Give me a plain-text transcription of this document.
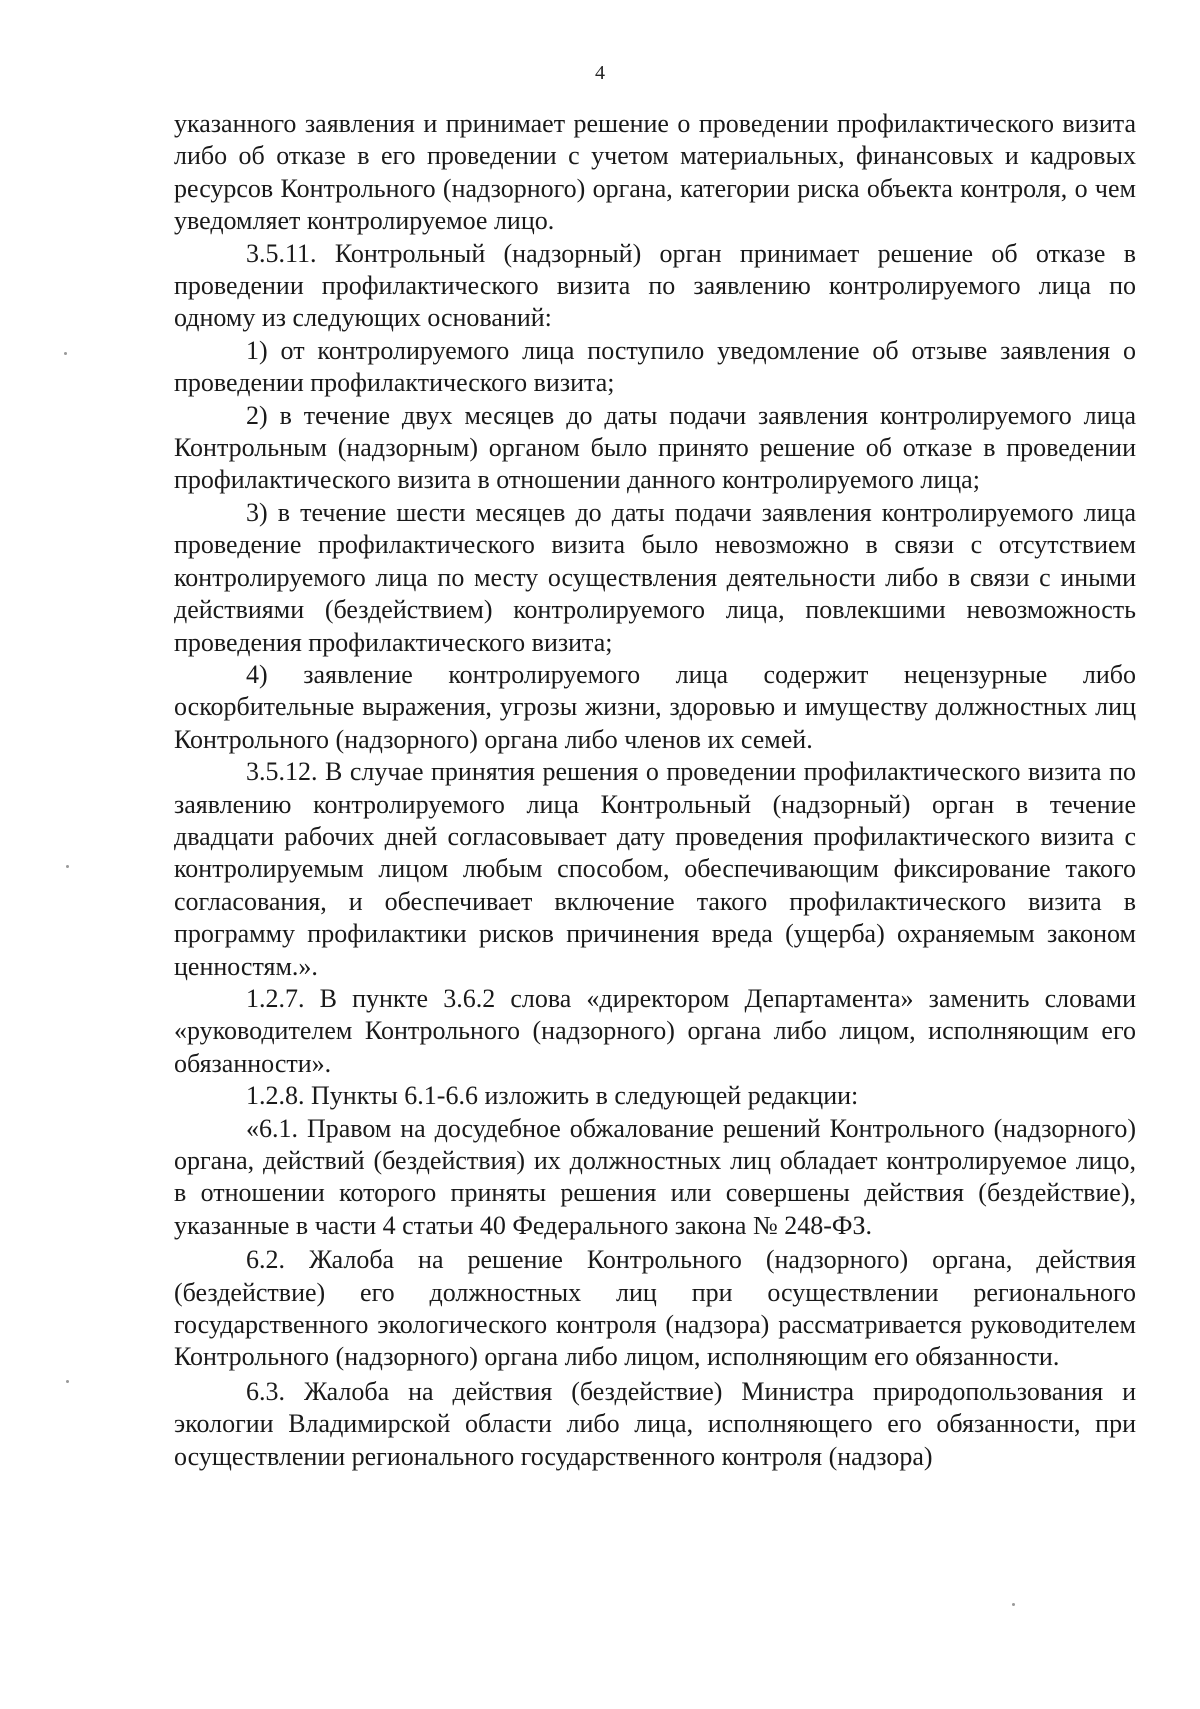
4

указанного заявления и принимает решение о проведении профилактического визита либо об отказе в его проведении с учетом материальных, финансовых и кадровых ресурсов Контрольного (надзорного) органа, категории риска объекта контроля, о чем уведомляет контролируемое лицо.

3.5.11. Контрольный (надзорный) орган принимает решение об отказе в проведении профилактического визита по заявлению контролируемого лица по одному из следующих оснований:

1) от контролируемого лица поступило уведомление об отзыве заявления о проведении профилактического визита;

2) в течение двух месяцев до даты подачи заявления контролируемого лица Контрольным (надзорным) органом было принято решение об отказе в проведении профилактического визита в отношении данного контролируемого лица;

3) в течение шести месяцев до даты подачи заявления контролируемого лица проведение профилактического визита было невозможно в связи с отсутствием контролируемого лица по месту осуществления деятельности либо в связи с иными действиями (бездействием) контролируемого лица, повлекшими невозможность проведения профилактического визита;

4) заявление контролируемого лица содержит нецензурные либо оскорбительные выражения, угрозы жизни, здоровью и имуществу должностных лиц Контрольного (надзорного) органа либо членов их семей.

3.5.12. В случае принятия решения о проведении профилактического визита по заявлению контролируемого лица Контрольный (надзорный) орган в течение двадцати рабочих дней согласовывает дату проведения профилактического визита с контролируемым лицом любым способом, обеспечивающим фиксирование такого согласования, и обеспечивает включение такого профилактического визита в программу профилактики рисков причинения вреда (ущерба) охраняемым законом ценностям.».

1.2.7. В пункте 3.6.2 слова «директором Департамента» заменить словами «руководителем Контрольного (надзорного) органа либо лицом, исполняющим его обязанности».

1.2.8. Пункты 6.1-6.6 изложить в следующей редакции:

«6.1. Правом на досудебное обжалование решений Контрольного (надзорного) органа, действий (бездействия) их должностных лиц обладает контролируемое лицо, в отношении которого приняты решения или совершены действия (бездействие), указанные в части 4 статьи 40 Федерального закона № 248-ФЗ.

6.2. Жалоба на решение Контрольного (надзорного) органа, действия (бездействие) его должностных лиц при осуществлении регионального государственного экологического контроля (надзора) рассматривается руководителем Контрольного (надзорного) органа либо лицом, исполняющим его обязанности.

6.3. Жалоба на действия (бездействие) Министра природопользования и экологии Владимирской области либо лица, исполняющего его обязанности, при осуществлении регионального государственного контроля (надзора)
